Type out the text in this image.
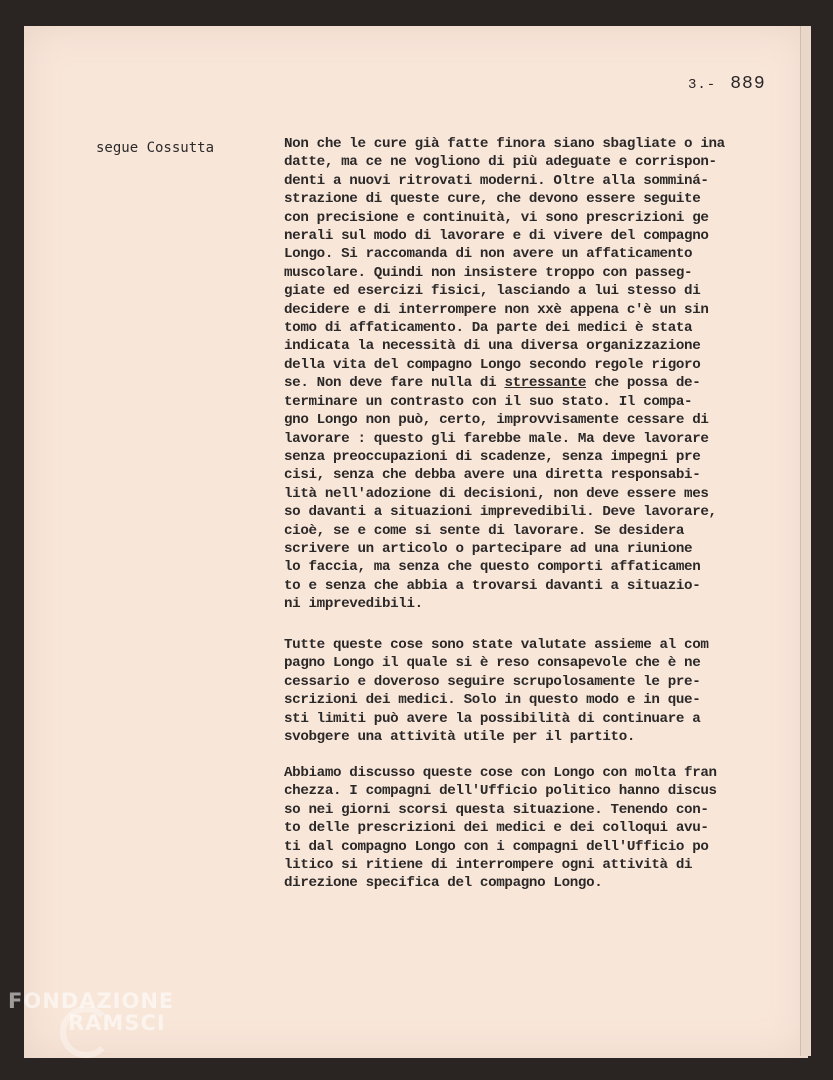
3.- 889
segue Cossutta	Non che le cure già fatte finora siano sbagliate o ina
datte, ma ce ne vogliono di più adeguate e corrispon-
denti a nuovi ritrovati moderni. Oltre alla somminá-
strazione di queste cure, che devono essere seguite
con precisione e continuità, vi sono prescrizioni ge
nerali sul modo di lavorare e di vivere del compagno
Longo. Si raccomanda di non avere un affaticamento
muscolare. Quindi non insistere troppo con passeg-
giate ed esercizi fisici, lasciando a lui stesso di
decidere e di interrompere non xxè appena c'è un sin
tomo di affaticamento. Da parte dei medici è stata
indicata la necessità di una diversa organizzazione
della vita del compagno Longo secondo regole rigoro
se. Non deve fare nulla di stressante che possa de-
terminare un contrasto con il suo stato. Il compa-
gno Longo non può, certo, improvvisamente cessare di
lavorare : questo gli farebbe male. Ma deve lavorare
senza preoccupazioni di scadenze, senza impegni pre
cisi, senza che debba avere una diretta responsabi-
lità nell'adozione di decisioni, non deve essere mes
so davanti a situazioni imprevedibili. Deve lavorare,
cioè, se e come si sente di lavorare. Se desidera
scrivere un articolo o partecipare ad una riunione
lo faccia, ma senza che questo comporti affaticamen
to e senza che abbia a trovarsi davanti a situazio-
ni imprevedibili.
Tutte queste cose sono state valutate assieme al com
pagno Longo il quale si è reso consapevole che è ne
cessario e doveroso seguire scrupolosamente le pre-
scrizioni dei medici. Solo in questo modo e in que-
sti limiti può avere la possibilità di continuare a
svobgere una attività utile per il partito.
Abbiamo discusso queste cose con Longo con molta fran
chezza. I compagni dell'Ufficio politico hanno discus
so nei giorni scorsi questa situazione. Tenendo con-
to delle prescrizioni dei medici e dei colloqui avu-
ti dal compagno Longo con i compagni dell'Ufficio po
litico si ritiene di interrompere ogni attività di
direzione specifica del compagno Longo.
FONDAZIONE
RAMSCI
